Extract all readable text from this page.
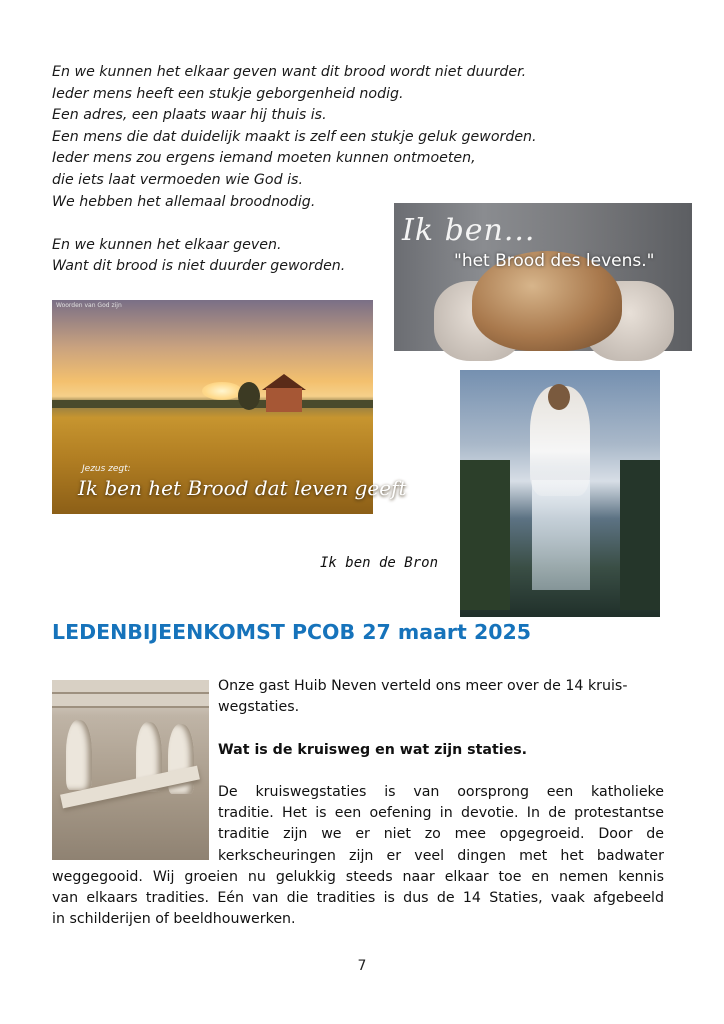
En we kunnen het elkaar geven want dit brood wordt niet duurder.
Ieder mens heeft een stukje geborgenheid nodig.
Een adres, een plaats waar hij thuis is.
Een mens die dat duidelijk maakt is zelf een stukje geluk geworden.
Ieder mens zou ergens iemand moeten kunnen ontmoeten,
die iets laat vermoeden wie God is.
We hebben het allemaal broodnodig.
En we kunnen het elkaar geven.
Want dit brood is niet duurder geworden.
Ik ben...
"het Brood des levens."
Woorden van God zijn
Jezus zegt:
Ik ben het Brood dat leven geeft
Ik ben de Bron
LEDENBIJEENKOMST PCOB 27 maart 2025
Onze gast Huib Neven verteld ons meer over de 14 kruis-
wegstaties.
Wat is de kruisweg en wat zijn staties.
De kruiswegstaties is van oorsprong een katholieke
traditie. Het is een oefening in devotie. In de protestantse
traditie zijn we er niet zo mee opgegroeid. Door de
kerkscheuringen zijn er veel dingen met het badwater
weggegooid. Wij groeien nu gelukkig steeds naar elkaar toe en nemen kennis
van elkaars tradities. Eén van die tradities is dus de 14 Staties, vaak afgebeeld
in schilderijen of beeldhouwerken.
7
